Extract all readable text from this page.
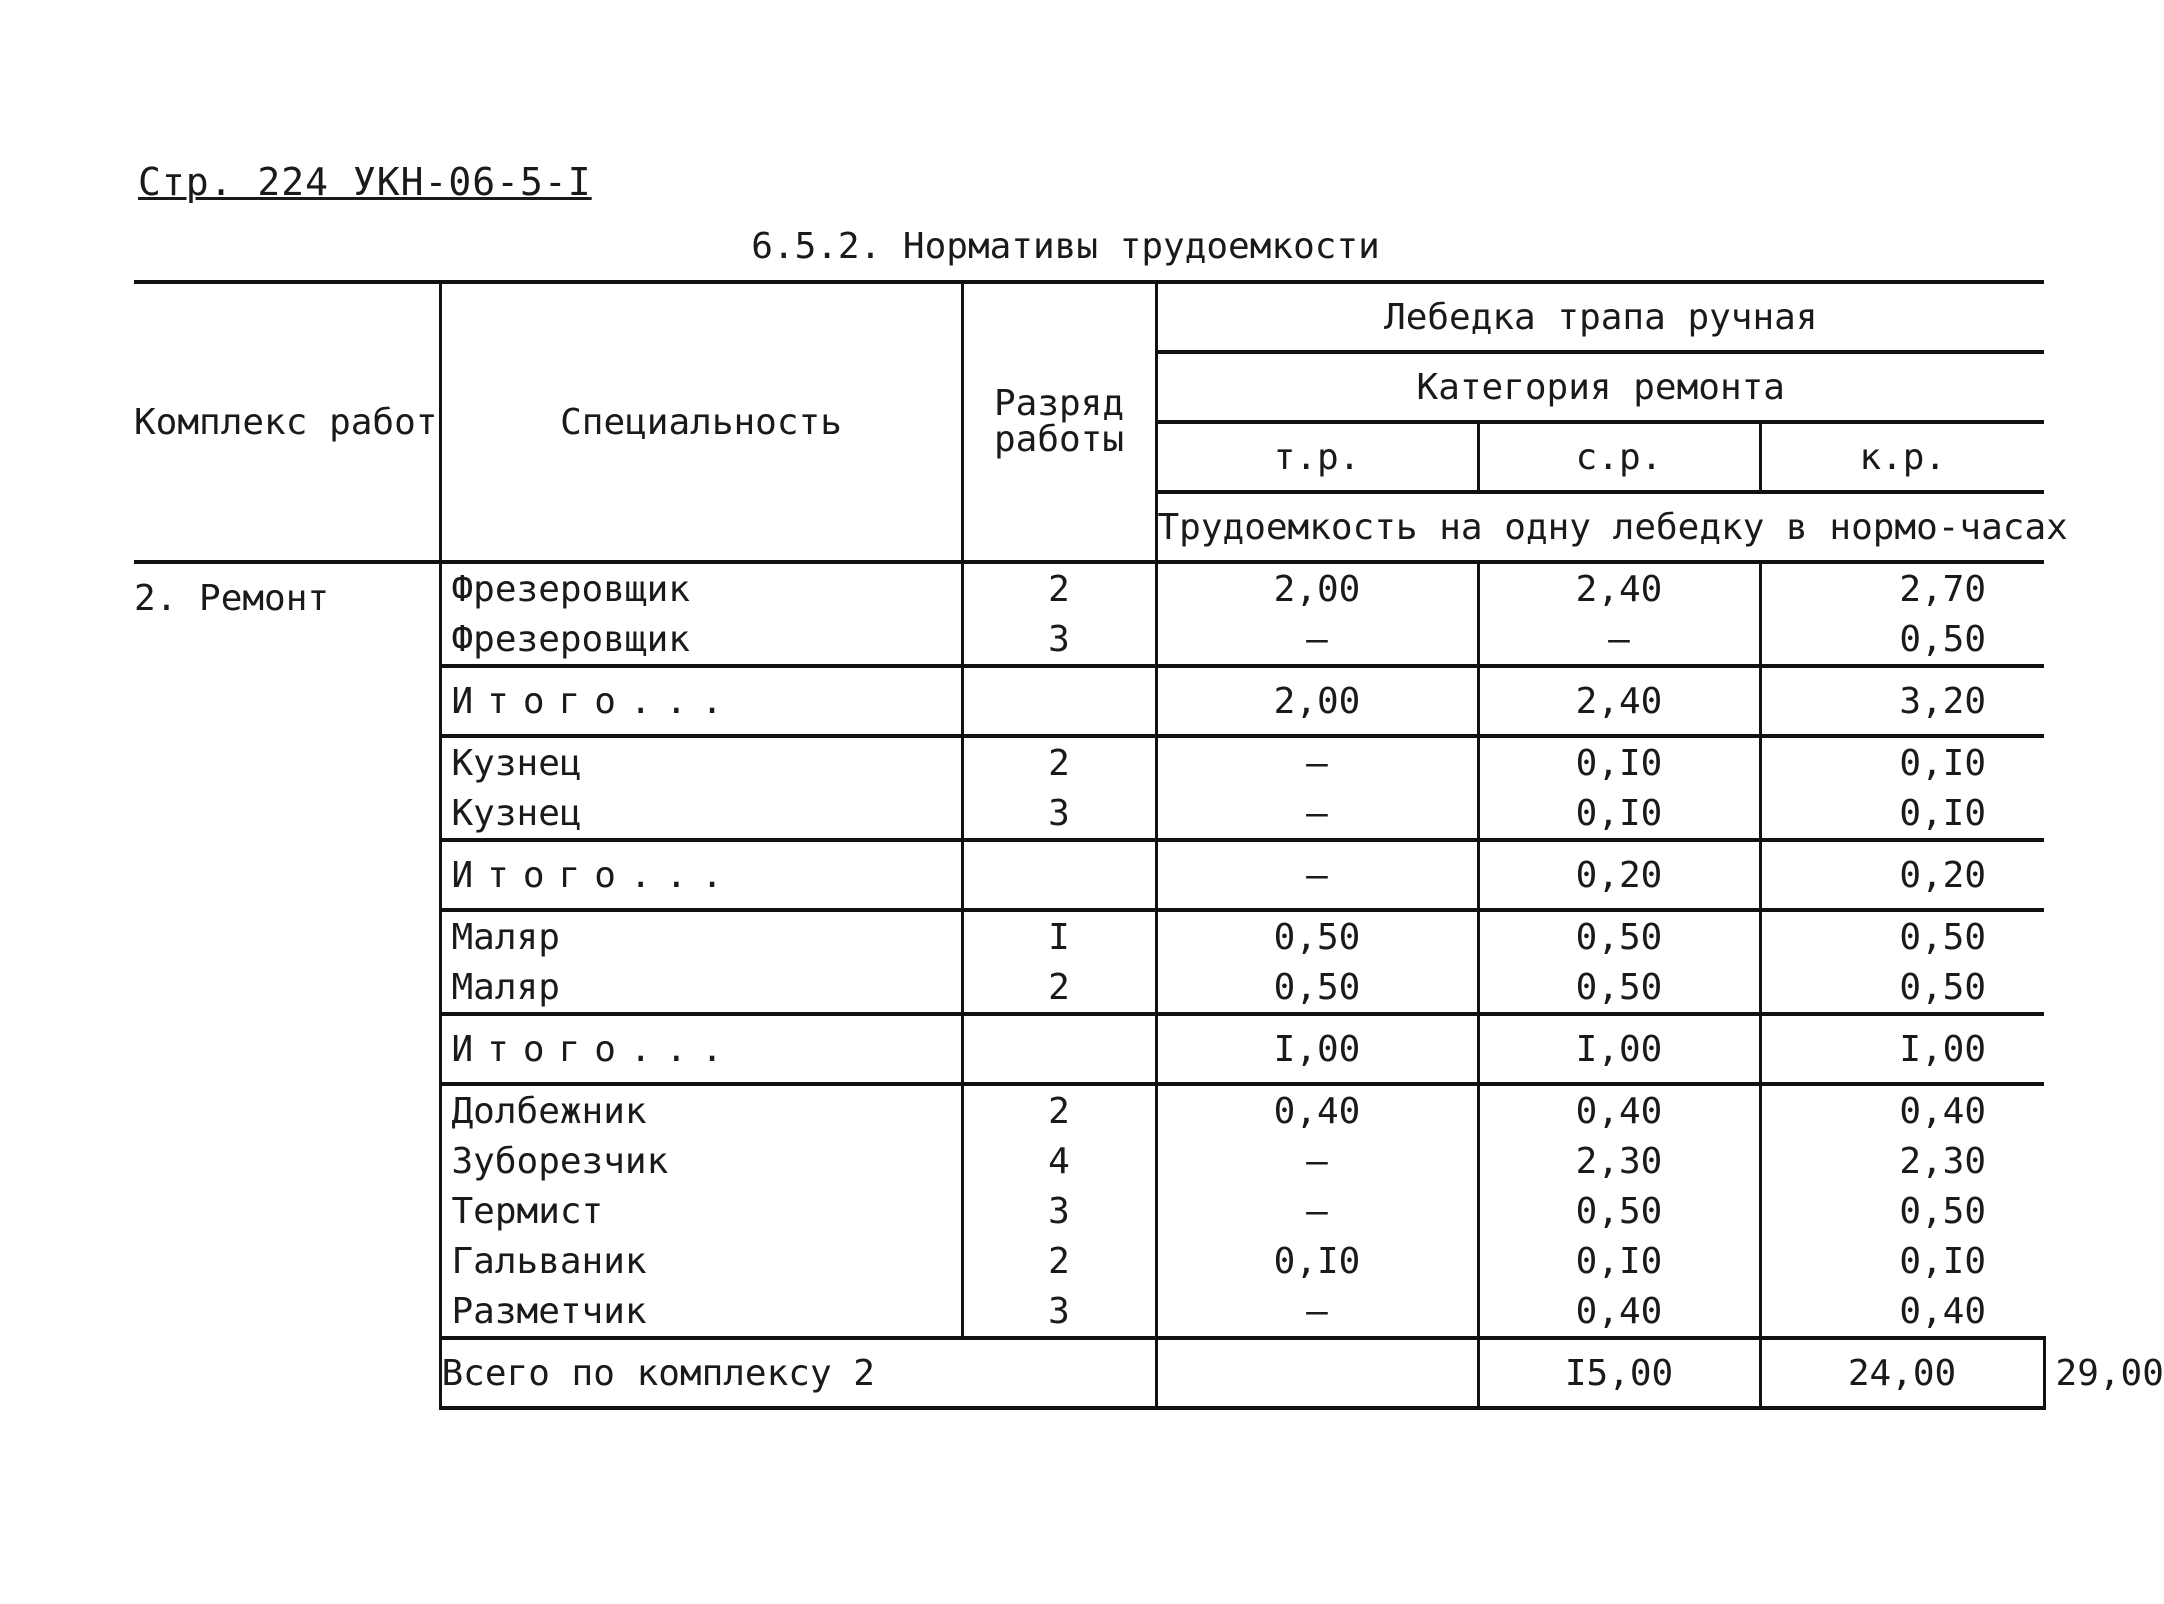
Стр. 224 УКН-06-5-I
6.5.2. Нормативы трудоемкости
Комплекс работ	Специальность	Разряд работы	Лебедка трапа ручная			
			Категория ремонта			
			т.р.	с.р.	к.р.	
			Трудоемкость на одну лебедку в нормо-часах			
2. Ремонт	Фрезеровщик	2	2,00	2,40	2,70	
	Фрезеровщик	3	–	–	0,50	
	Итого...		2,00	2,40	3,20	
	Кузнец	2	–	0,I0	0,I0	
	Кузнец	3	–	0,I0	0,I0	
	Итого...		–	0,20	0,20	
	Маляр	I	0,50	0,50	0,50	
	Маляр	2	0,50	0,50	0,50	
	Итого...		I,00	I,00	I,00	
	Долбежник	2	0,40	0,40	0,40	
	Зуборезчик	4	–	2,30	2,30	
	Термист	3	–	0,50	0,50	
	Гальваник	2	0,I0	0,I0	0,I0	
	Разметчик	3	–	0,40	0,40	
	Всего по комплексу 2			I5,00	24,00	29,00
